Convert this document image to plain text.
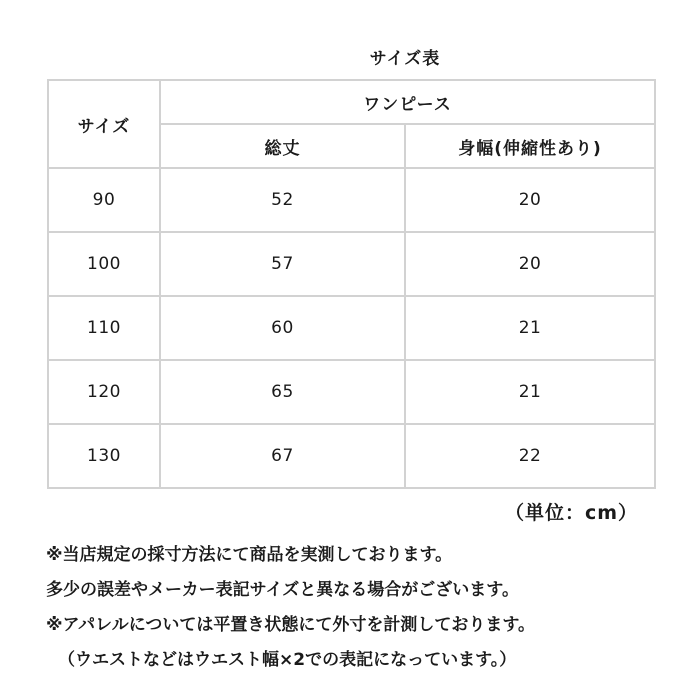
サイズ表
サイズ	ワンピース	
	総丈	身幅(伸縮性あり)
90	52	20
100	57	20
110	60	21
120	65	21
130	67	22
（単位：cm）
※当店規定の採寸方法にて商品を実測しております。
多少の誤差やメーカー表記サイズと異なる場合がございます。
※アパレルについては平置き状態にて外寸を計測しております。
（ウエストなどはウエスト幅×2での表記になっています。）
